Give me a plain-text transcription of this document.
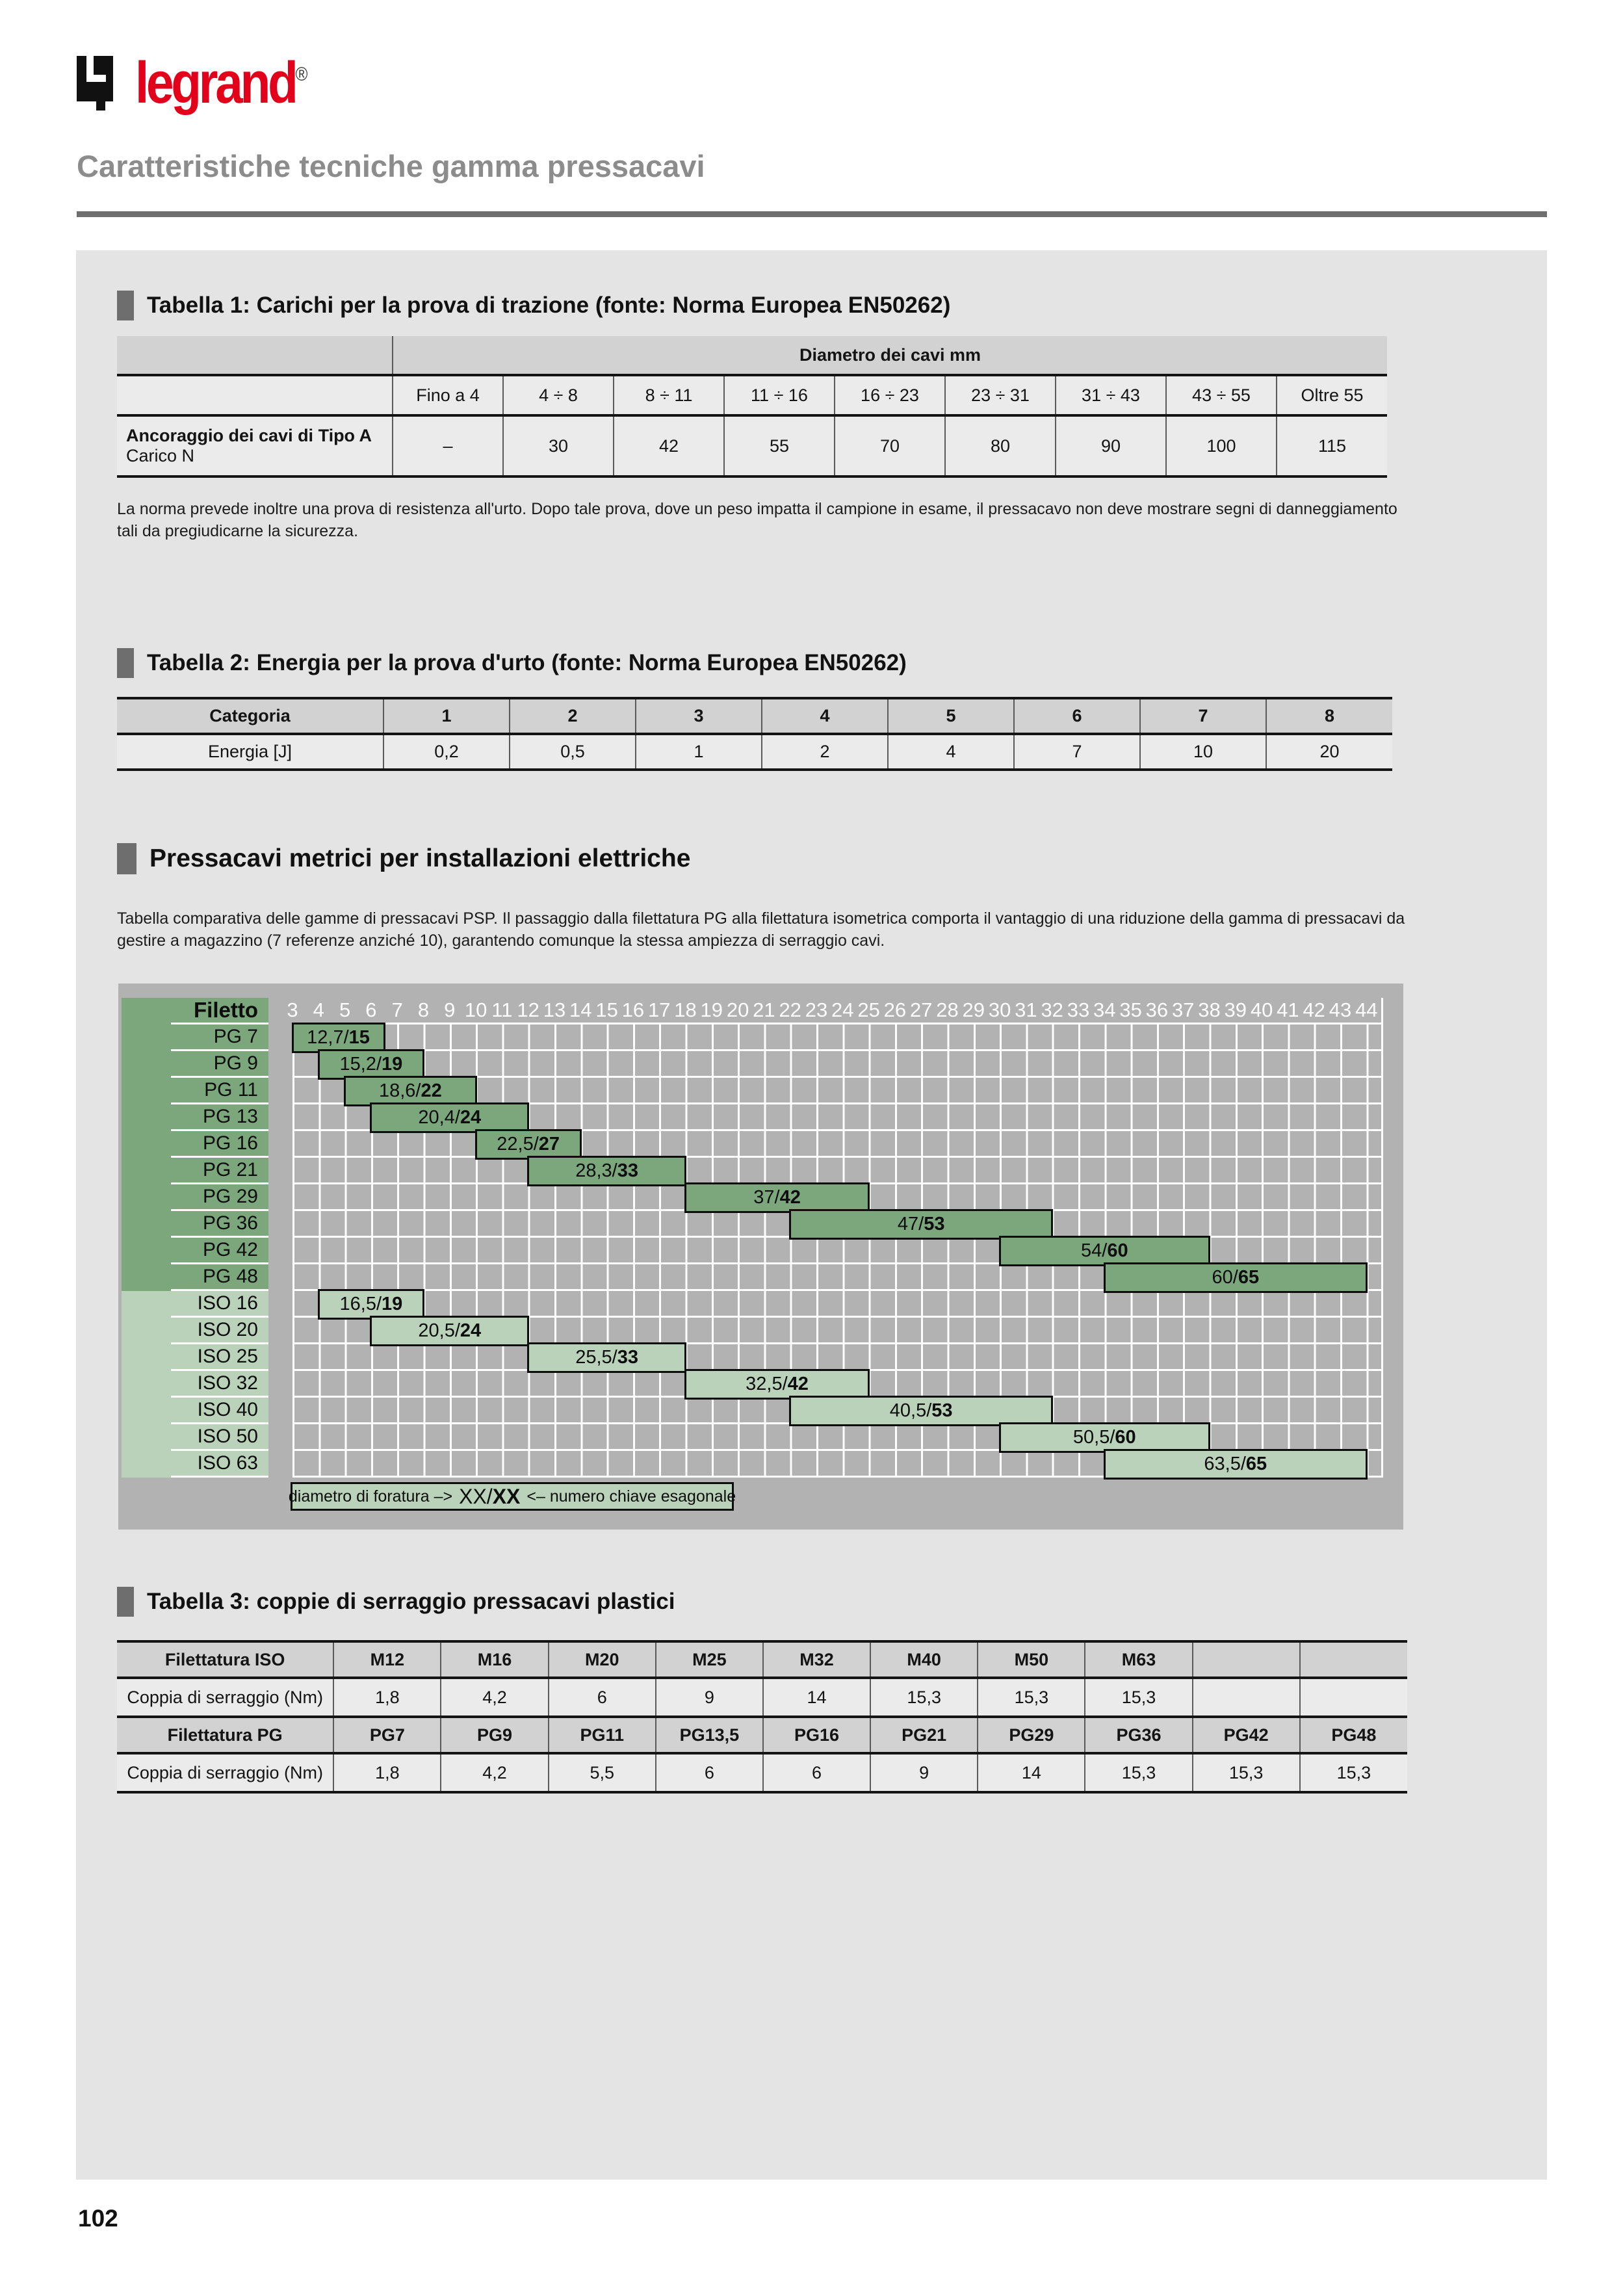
legrand®
Caratteristiche tecniche gamma pressacavi
Tabella 1: Carichi per la prova di trazione (fonte: Norma Europea EN50262)
	Diametro dei cavi mm								
	Fino a 4	4 ÷ 8	8 ÷ 11	11 ÷ 16	16 ÷ 23	23 ÷ 31	31 ÷ 43	43 ÷ 55	Oltre 55

Ancoraggio dei cavi di Tipo A
Carico N	–	30	42	55	70	80	90	100	115
La norma prevede inoltre una prova di resistenza all'urto. Dopo tale prova, dove un peso impatta il campione in esame, il pressacavo non deve mostrare segni di danneggiamento tali da pregiudicarne la sicurezza.
Tabella 2: Energia per la prova d'urto (fonte: Norma Europea EN50262)
Categoria	1	2	3	4	5	6	7	8
Energia [J]	0,2	0,5	1	2	4	7	10	20
Pressacavi metrici per installazioni elettriche
Tabella comparativa delle gamme di pressacavi PSP. Il passaggio dalla filettatura PG alla filettatura isometrica comporta il vantaggio di una riduzione della gamma di pressacavi da gestire a magazzino (7 referenze anziché 10), garantendo comunque la stessa ampiezza di serraggio cavi.
Filetto	3 4 5 6 7 8 9 10 11 12 13 14 15 16 17 18 19 20 21 22 23 24 25 26 27 28 29 30 31 32 33 34 35 36 37 38 39 40 41 42 43 44
PG 7	12,7/ 15
PG 9	15,2/ 19
PG 11	18,6/ 22
PG 13	20,4/ 24
PG 16	22,5/ 27
PG 21	28,3/ 33
PG 29	37/ 42
PG 36	47/ 53
PG 42	54/ 60
PG 48	60/ 65
ISO 16	16,5/ 19
ISO 20	20,5/ 24
ISO 25	25,5/ 33
ISO 32	32,5/ 42
ISO 40	40,5/ 53
ISO 50	50,5/ 60
ISO 63	63,5/ 65
diametro di foratura –> XX/ XX <– numero chiave esagonale
Tabella 3: coppie di serraggio pressacavi plastici
Filettatura ISO	M12	M16	M20	M25	M32	M40	M50	M63		
Coppia di serraggio (Nm)	1,8	4,2	6	9	14	15,3	15,3	15,3		
Filettatura PG	PG7	PG9	PG11	PG13,5	PG16	PG21	PG29	PG36	PG42	PG48
Coppia di serraggio (Nm)	1,8	4,2	5,5	6	6	9	14	15,3	15,3	15,3
102
